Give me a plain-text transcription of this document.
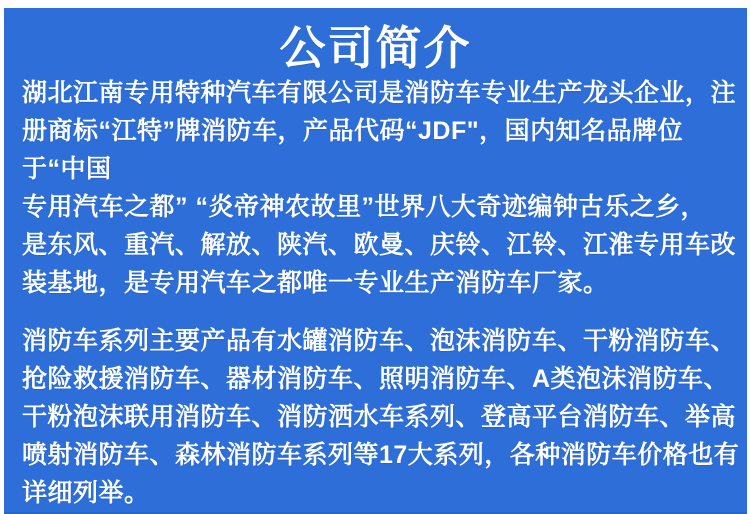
公司简介
湖北江南专用特种汽车有限公司是消防车专业生产龙头企业，注
册商标“江特”牌消防车，产品代码“JDF"，国内知名品牌位
于“中国
专用汽车之都” “炎帝神农故里”世界八大奇迹编钟古乐之乡，
是东风、重汽、解放、陕汽、欧曼、庆铃、江铃、江淮专用车改
装基地，是专用汽车之都唯一专业生产消防车厂家。
消防车系列主要产品有水罐消防车、泡沫消防车、干粉消防车、
抢险救援消防车、器材消防车、照明消防车、A类泡沫消防车、
干粉泡沫联用消防车、消防洒水车系列、登高平台消防车、举高
喷射消防车、森林消防车系列等17大系列，各种消防车价格也有
详细列举。
